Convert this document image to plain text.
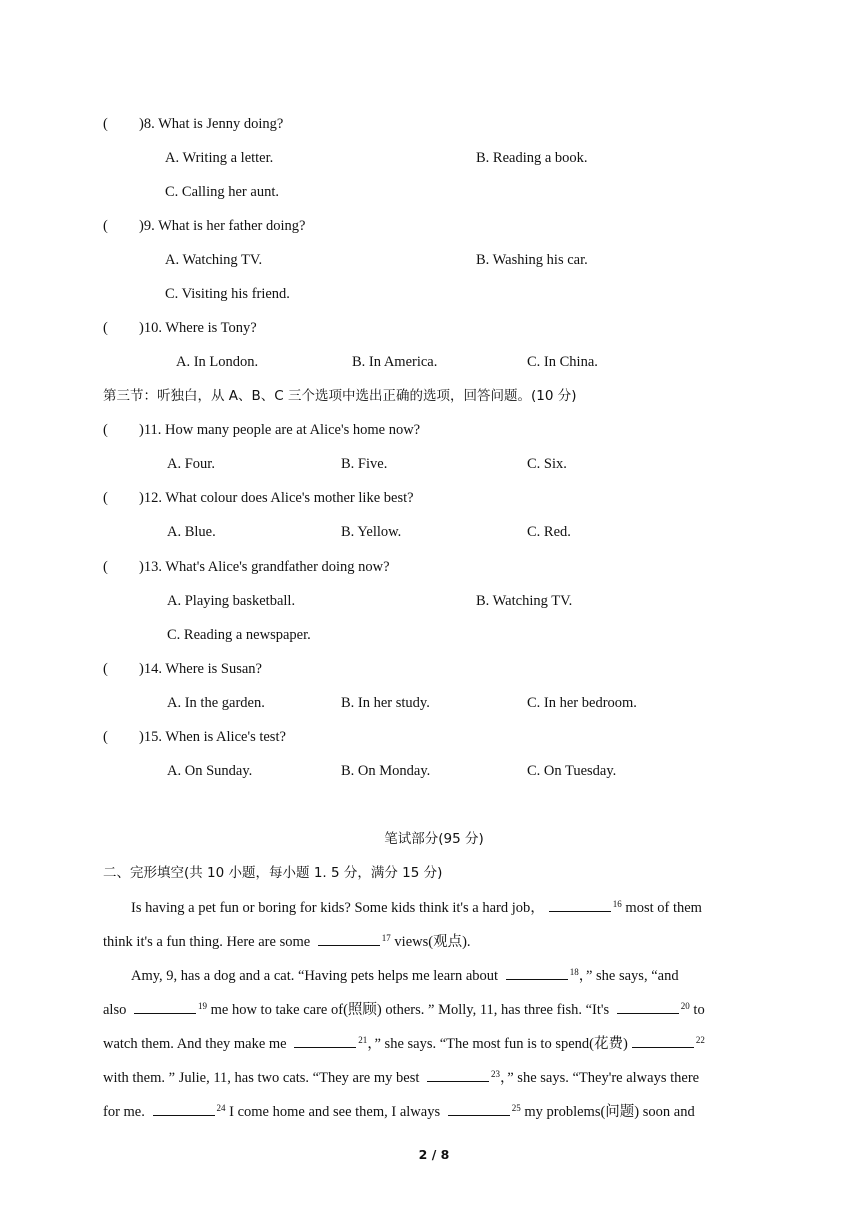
( )8. What is Jenny doing?
A. Writing a letter.	B. Reading a book.
C. Calling her aunt.
( )9. What is her father doing?
A. Watching TV.	B. Washing his car.
C. Visiting his friend.
( )10. Where is Tony?
A. In London.	B. In America.	C. In China.
第三节：听独白，从 A、B、C 三个选项中选出正确的选项，回答问题。(10 分)
( )11. How many people are at Alice's home now?
A. Four.	B. Five.	C. Six.
( )12. What colour does Alice's mother like best?
A. Blue.	B. Yellow.	C. Red.
( )13. What's Alice's grandfather doing now?
A. Playing basketball.	B. Watching TV.
C. Reading a newspaper.
( )14. Where is Susan?
A. In the garden.	B. In her study.	C. In her bedroom.
( )15. When is Alice's test?
A. On Sunday.	B. On Monday.	C. On Tuesday.
笔试部分(95 分)
二、完形填空(共 10 小题，每小题 1. 5 分，满分 15 分)
Is having a pet fun or boring for kids? Some kids think it's a hard job，	$^{16}$ most of them
think it's a fun thing. Here are some	$^{17}$ views(观点).
Amy, 9, has a dog and a cat. “Having pets helps me learn about	$^{18}$，” she says, “and
also	$^{19}$ me how to take care of(照顾) others. ” Molly, 11, has three fish. “It's	$^{20}$ to
watch them. And they make me	$^{21}$，” she says. “The most fun is to spend(花费)	$^{22}$
with them. ” Julie, 11, has two cats. “They are my best	$^{23}$，” she says. “They're always there
for me.	$^{24}$ I come home and see them, I always	$^{25}$ my problems(问题) soon and
2 / 8
